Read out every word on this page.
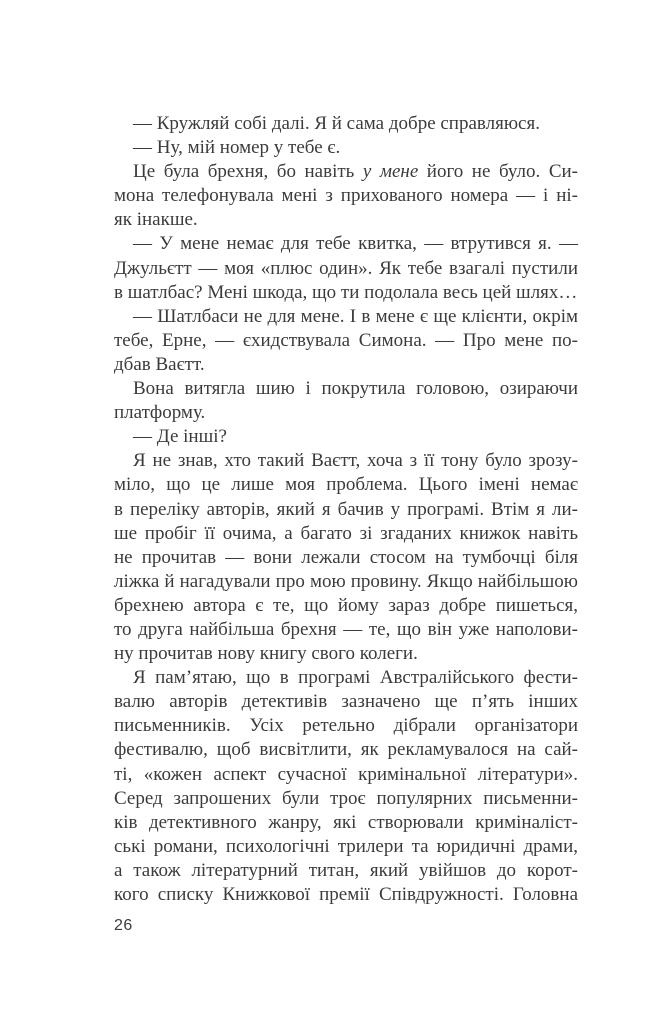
— Кружляй собі далі. Я й сама добре справляюся.
— Ну, мій номер у тебе є.
Це була брехня, бо навіть у мене його не було. Си-
мона телефонувала мені з прихованого номера — і ні-
як інакше.
— У мене немає для тебе квитка, — втрутився я. —
Джульєтт — моя «плюс один». Як тебе взагалі пустили
в шатлбас? Мені шкода, що ти подолала весь цей шлях…
— Шатлбаси не для мене. І в мене є ще клієнти, окрім
тебе, Ерне, — єхидствувала Симона. — Про мене по-
дбав Ваєтт.
Вона витягла шию і покрутила головою, озираючи
платформу.
— Де інші?
Я не знав, хто такий Ваєтт, хоча з її тону було зрозу-
міло, що це лише моя проблема. Цього імені немає
в переліку авторів, який я бачив у програмі. Втім я ли-
ше пробіг її очима, а багато зі згаданих книжок навіть
не прочитав — вони лежали стосом на тумбочці біля
ліжка й нагадували про мою провину. Якщо найбільшою
брехнею автора є те, що йому зараз добре пишеться,
то друга найбільша брехня — те, що він уже наполови-
ну прочитав нову книгу свого колеги.
Я пам’ятаю, що в програмі Австралійського фести-
валю авторів детективів зазначено ще п’ять інших
письменників. Усіх ретельно дібрали організатори
фестивалю, щоб висвітлити, як рекламувалося на сай-
ті, «кожен аспект сучасної кримінальної літератури».
Серед запрошених були троє популярних письменни-
ків детективного жанру, які створювали криміналіст-
ські романи, психологічні трилери та юридичні драми,
а також літературний титан, який увійшов до корот-
кого списку Книжкової премії Співдружності. Головна
26
